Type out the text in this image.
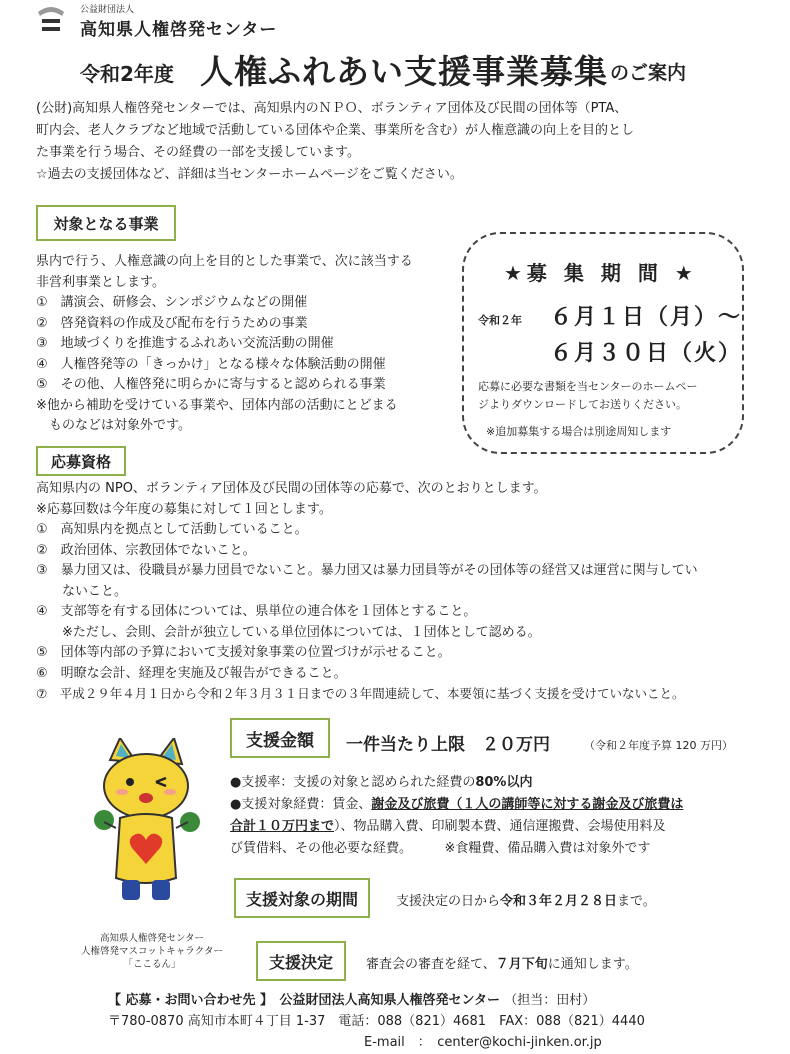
公益財団法人
高知県人権啓発センター
令和2年度 人権ふれあい支援事業募集 のご案内
(公財)高知県人権啓発センターでは、高知県内のＮＰＯ、ボランティア団体及び民間の団体等（PTA、
町内会、老人クラブなど地域で活動している団体や企業、事業所を含む）が人権意識の向上を目的とし
た事業を行う場合、その経費の一部を支援しています。
☆過去の支援団体など、詳細は当センターホームページをご覧ください。
対象となる事業
県内で行う、人権意識の向上を目的とした事業で、次に該当する
非営利事業とします。
①　講演会、研修会、シンポジウムなどの開催
②　啓発資料の作成及び配布を行うための事業
③　地域づくりを推進するふれあい交流活動の開催
④　人権啓発等の「きっかけ」となる様々な体験活動の開催
⑤　その他、人権啓発に明らかに寄与すると認められる事業
※他から補助を受けている事業や、団体内部の活動にとどまる
　ものなどは対象外です。
★募 集 期 間 ★
令和２年 ６月１日（月）～
６月３０日（火）
応募に必要な書類を当センターのホームペー
ジよりダウンロードしてお送りください。
※追加募集する場合は別途周知します
応募資格
高知県内の NPO、ボランティア団体及び民間の団体等の応募で、次のとおりとします。
※応募回数は今年度の募集に対して１回とします。
①　高知県内を拠点として活動していること。
②　政治団体、宗教団体でないこと。
③　暴力団又は、役職員が暴力団員でないこと。暴力団又は暴力団員等がその団体等の経営又は運営に関与してい
　　ないこと。
④　支部等を有する団体については、県単位の連合体を１団体とすること。
　　※ただし、会則、会計が独立している単位団体については、１団体として認める。
⑤　団体等内部の予算において支援対象事業の位置づけが示せること。
⑥　明瞭な会計、経理を実施及び報告ができること。
⑦　平成２９年４月１日から令和２年３月３１日までの３年間連続して、本要領に基づく支援を受けていないこと。
支援金額	一件当たり上限　２０万円	（令和２年度予算 120 万円）
●支援率：支援の対象と認められた経費の80%以内
●支援対象経費：賃金、謝金及び旅費（１人の講師等に対する謝金及び旅費は
合計１０万円まで）、物品購入費、印刷製本費、通信運搬費、会場使用料及
び賃借料、その他必要な経費。　　　※食糧費、備品購入費は対象外です
高知県人権啓発センター
人権啓発マスコットキャラクター
「ここるん」
支援対象の期間	支援決定の日から令和３年２月２８日まで。
支援決定	審査会の審査を経て、７月下旬に通知します。
【 応募・お問い合わせ先 】　公益財団法人高知県人権啓発センター （担当：田村）
〒780-0870 高知市本町４丁目 1-37　電話：088（821）4681　FAX：088（821）4440
E-mail　：　center@kochi-jinken.or.jp
